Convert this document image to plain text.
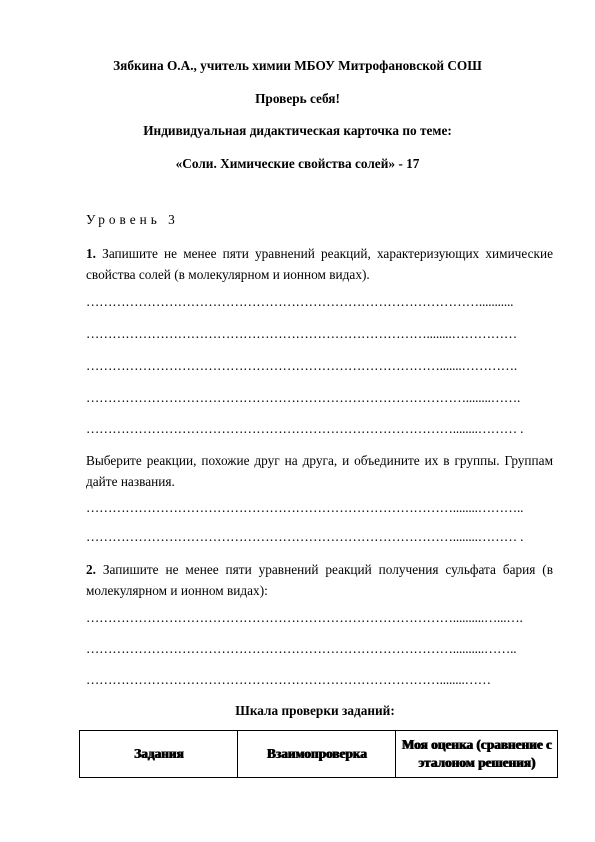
Зябкина О.А., учитель химии МБОУ Митрофановской СОШ
Проверь себя!
Индивидуальная дидактическая карточка по теме:
«Соли. Химические свойства солей» - 17
Уровень 3
1. Запишите не менее пяти уравнений реакций, характеризующих химические свойства солей (в молекулярном и ионном видах).
………………………………………………………………………………...........
……………………………………………………………………........……………
……………………………………………………………………….......………….
……………………………………………………………………………........…….
…………………………………………………………………………........……… .
Выберите реакции, похожие друг на друга, и объедините их в группы. Группам дайте названия.
…………………………………………………………………………........………..
…………………………………………………………………………........……… .
2. Запишите не менее пяти уравнений реакций получения сульфата бария (в молекулярном и ионном видах):
…………………………………………………………………………..........…...….
…………………………………………………………………………..........……..
………………………………………………………………………........……
Шкала проверки заданий:
Задания	Взаимопроверка	Моя оценка (сравнение с эталоном решения)
